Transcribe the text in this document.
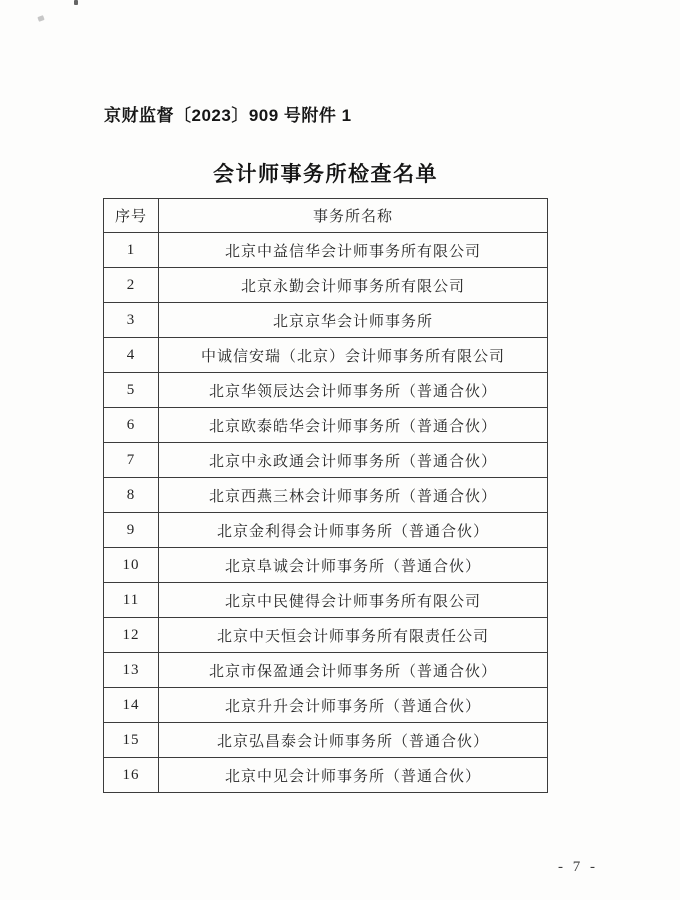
京财监督〔2023〕909 号附件 1
会计师事务所检查名单
序号	事务所名称
1	北京中益信华会计师事务所有限公司
2	北京永勤会计师事务所有限公司
3	北京京华会计师事务所
4	中诚信安瑞（北京）会计师事务所有限公司
5	北京华领辰达会计师事务所（普通合伙）
6	北京欧泰皓华会计师事务所（普通合伙）
7	北京中永政通会计师事务所（普通合伙）
8	北京西燕三林会计师事务所（普通合伙）
9	北京金利得会计师事务所（普通合伙）
10	北京阜诚会计师事务所（普通合伙）
11	北京中民健得会计师事务所有限公司
12	北京中天恒会计师事务所有限责任公司
13	北京市保盈通会计师事务所（普通合伙）
14	北京升升会计师事务所（普通合伙）
15	北京弘昌泰会计师事务所（普通合伙）
16	北京中见会计师事务所（普通合伙）
- 7 -
